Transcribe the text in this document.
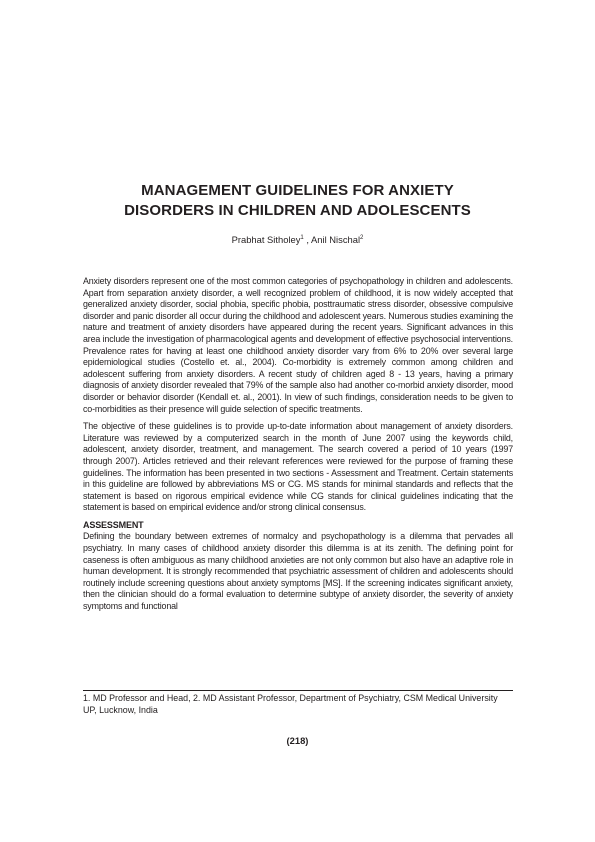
MANAGEMENT GUIDELINES FOR ANXIETY
DISORDERS IN CHILDREN AND ADOLESCENTS
Prabhat Sitholey$^1$ , Anil Nischal$^2$

Anxiety disorders represent one of the most common categories of psychopathology in children and adolescents. Apart from separation anxiety disorder, a well recognized problem of childhood, it is now widely accepted that generalized anxiety disorder, social phobia, specific phobia, posttraumatic stress disorder, obsessive compulsive disorder and panic disorder all occur during the childhood and adolescent years. Numerous studies examining the nature and treatment of anxiety disorders have appeared during the recent years. Significant advances in this area include the investigation of pharmacological agents and development of effective psychosocial interventions. Prevalence rates for having at least one childhood anxiety disorder vary from 6% to 20% over several large epidemiological studies (Costello et. al., 2004). Co-morbidity is extremely common among children and adolescent suffering from anxiety disorders. A recent study of children aged 8 - 13 years, having a primary diagnosis of anxiety disorder revealed that 79% of the sample also had another co-morbid anxiety disorder, mood disorder or behavior disorder (Kendall et. al., 2001). In view of such findings, consideration needs to be given to co-morbidities as their presence will guide selection of specific treatments.

The objective of these guidelines is to provide up-to-date information about management of anxiety disorders. Literature was reviewed by a computerized search in the month of June 2007 using the keywords child, adolescent, anxiety disorder, treatment, and management. The search covered a period of 10 years (1997 through 2007). Articles retrieved and their relevant references were reviewed for the purpose of framing these guidelines. The information has been presented in two sections - Assessment and Treatment. Certain statements in this guideline are followed by abbreviations MS or CG. MS stands for minimal standards and reflects that the statement is based on rigorous empirical evidence while CG stands for clinical guidelines indicating that the statement is based on empirical evidence and/or strong clinical consensus.

ASSESSMENT

Defining the boundary between extremes of normalcy and psychopathology is a dilemma that pervades all psychiatry. In many cases of childhood anxiety disorder this dilemma is at its zenith. The defining point for caseness is often ambiguous as many childhood anxieties are not only common but also have an adaptive role in human development. It is strongly recommended that psychiatric assessment of children and adolescents should routinely include screening questions about anxiety symptoms [MS]. If the screening indicates significant anxiety, then the clinician should do a formal evaluation to determine subtype of anxiety disorder, the severity of anxiety symptoms and functional

1. MD Professor and Head, 2. MD Assistant Professor, Department of Psychiatry, CSM Medical University UP, Lucknow, India
(218)
